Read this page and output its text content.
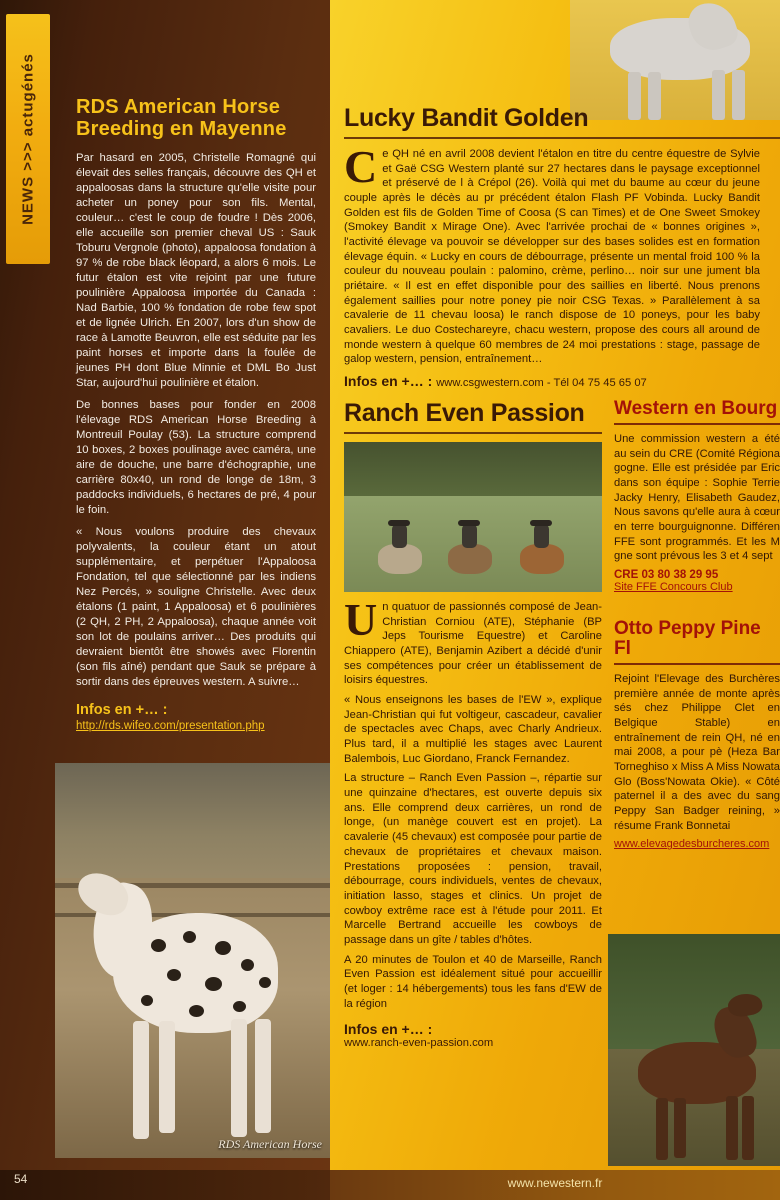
NEWS >>> actugénés RDS American Horse Breeding en Mayenne

Par hasard en 2005, Christelle Romagné qui élevait des selles français, découvre des QH et appaloosas dans la structure qu'elle visite pour acheter un poney pour son fils. Mental, couleur… c'est le coup de foudre ! Dès 2006, elle accueille son premier cheval US : Sauk Toburu Vergnole (photo), appaloosa fondation à 97 % de robe black léopard, a alors 6 mois. Le futur étalon est vite rejoint par une future poulinière Appaloosa importée du Canada : Nad Barbie, 100 % fondation de robe few spot et de lignée Ulrich. En 2007, lors d'un show de race à Lamotte Beuvron, elle est séduite par les paint horses et importe dans la foulée de jeunes PH dont Blue Minnie et DML Bo Just Star, aujourd'hui poulinière et étalon.

De bonnes bases pour fonder en 2008 l'élevage RDS American Horse Breeding à Montreuil Poulay (53). La structure comprend 10 boxes, 2 boxes poulinage avec caméra, une aire de douche, une barre d'échographie, une carrière 80x40, un rond de longe de 18m, 3 paddocks individuels, 6 hectares de pré, 4 pour le foin.

« Nous voulons produire des chevaux polyvalents, la couleur étant un atout supplémentaire, et perpétuer l'Appaloosa Fondation, tel que sélectionné par les indiens Nez Percés, » souligne Christelle. Avec deux étalons (1 paint, 1 Appaloosa) et 6 poulinières (2 QH, 2 PH, 2 Appaloosa), chaque année voit son lot de poulains arriver… Des produits qui devraient bientôt être showés avec Florentin (son fils aîné) pendant que Sauk se prépare à sortir dans des épreuves western. A suivre…

Infos en +… :
http://rds.wifeo.com/presentation.php
RDS American Horse
54
Lucky Bandit Golden
C e QH né en avril 2008 devient l'étalon en titre du centre équestre de Sylvie et Gaë CSG Western planté sur 27 hectares dans le paysage exceptionnel et préservé de l à Crépol (26). Voilà qui met du baume au cœur du jeune couple après le décès au pr précédent étalon Flash PF Vobinda. Lucky Bandit Golden est fils de Golden Time of Coosa (S can Times) et de One Sweet Smokey (Smokey Bandit x Mirage One). Avec l'arrivée prochai de « bonnes origines », l'activité élevage va pouvoir se développer sur des bases solides est en formation élevage équin. « Lucky en cours de débourrage, présente un mental froid 100 % la couleur du nouveau poulain : palomino, crème, perlino… noir sur une jument bla priétaire. « Il est en effet disponible pour des saillies en liberté. Nous prenons également saillies pour notre poney pie noir CSG Texas. » Parallèlement à sa cavalerie de 11 chevau loosa) le ranch dispose de 10 poneys, pour les baby cavaliers. Le duo Costechareyre, chacu western, propose des cours all around de monde western à quelque 60 membres de 24 moi prestations : stage, passage de galop western, pension, entraînement…

Infos en +… : www.csgwestern.com - Tél 04 75 45 65 07
Ranch Even Passion
U n quatuor de passionnés composé de Jean-Christian Corniou (ATE), Stéphanie (BP Jeps Tourisme Equestre) et Caroline Chiappero (ATE), Benjamin Azibert a décidé d'unir ses compétences pour créer un établissement de loisirs équestres.

« Nous enseignons les bases de l'EW », explique Jean-Christian qui fut voltigeur, cascadeur, cavalier de spectacles avec Chaps, avec Charly Andrieux. Plus tard, il a multiplié les stages avec Laurent Balembois, Luc Giordano, Franck Fernandez.

La structure – Ranch Even Passion –, répartie sur une quinzaine d'hectares, est ouverte depuis six ans. Elle comprend deux carrières, un rond de longe, (un manège couvert est en projet). La cavalerie (45 chevaux) est composée pour partie de chevaux de propriétaires et chevaux maison. Prestations proposées : pension, travail, débourrage, cours individuels, ventes de chevaux, initiation lasso, stages et clinics. Un projet de cowboy extrême race est à l'étude pour 2011. Et Marcelle Bertrand accueille les cowboys de passage dans un gîte / tables d'hôtes.

A 20 minutes de Toulon et 40 de Marseille, Ranch Even Passion est idéalement situé pour accueillir (et loger : 14 hébergements) tous les fans d'EW de la région

Infos en +… :
www.ranch-even-passion.com
Western en Bourg

Une commission western a été au sein du CRE (Comité Régiona gogne. Elle est présidée par Eric dans son équipe : Sophie Terrie Jacky Henry, Elisabeth Gaudez, Nous savons qu'elle aura à cœur en terre bourguignonne. Différen FFE sont programmés. Et les M gne sont prévous les 3 et 4 sept

CRE 03 80 38 29 95
Site FFE Concours Club
Otto Peppy Pine Fl

Rejoint l'Elevage des Burchères première année de monte après sés chez Philippe Clet en Belgique Stable) en entraînement de rein QH, né en mai 2008, a pour pè (Heza Bar Torneghiso x Miss A Miss Nowata Glo (Boss'Nowata Okie). « Côté paternel il a des avec du sang Peppy San Badger reining, » résume Frank Bonnetai

www.elevagedesburcheres.com
www.newestern.fr
